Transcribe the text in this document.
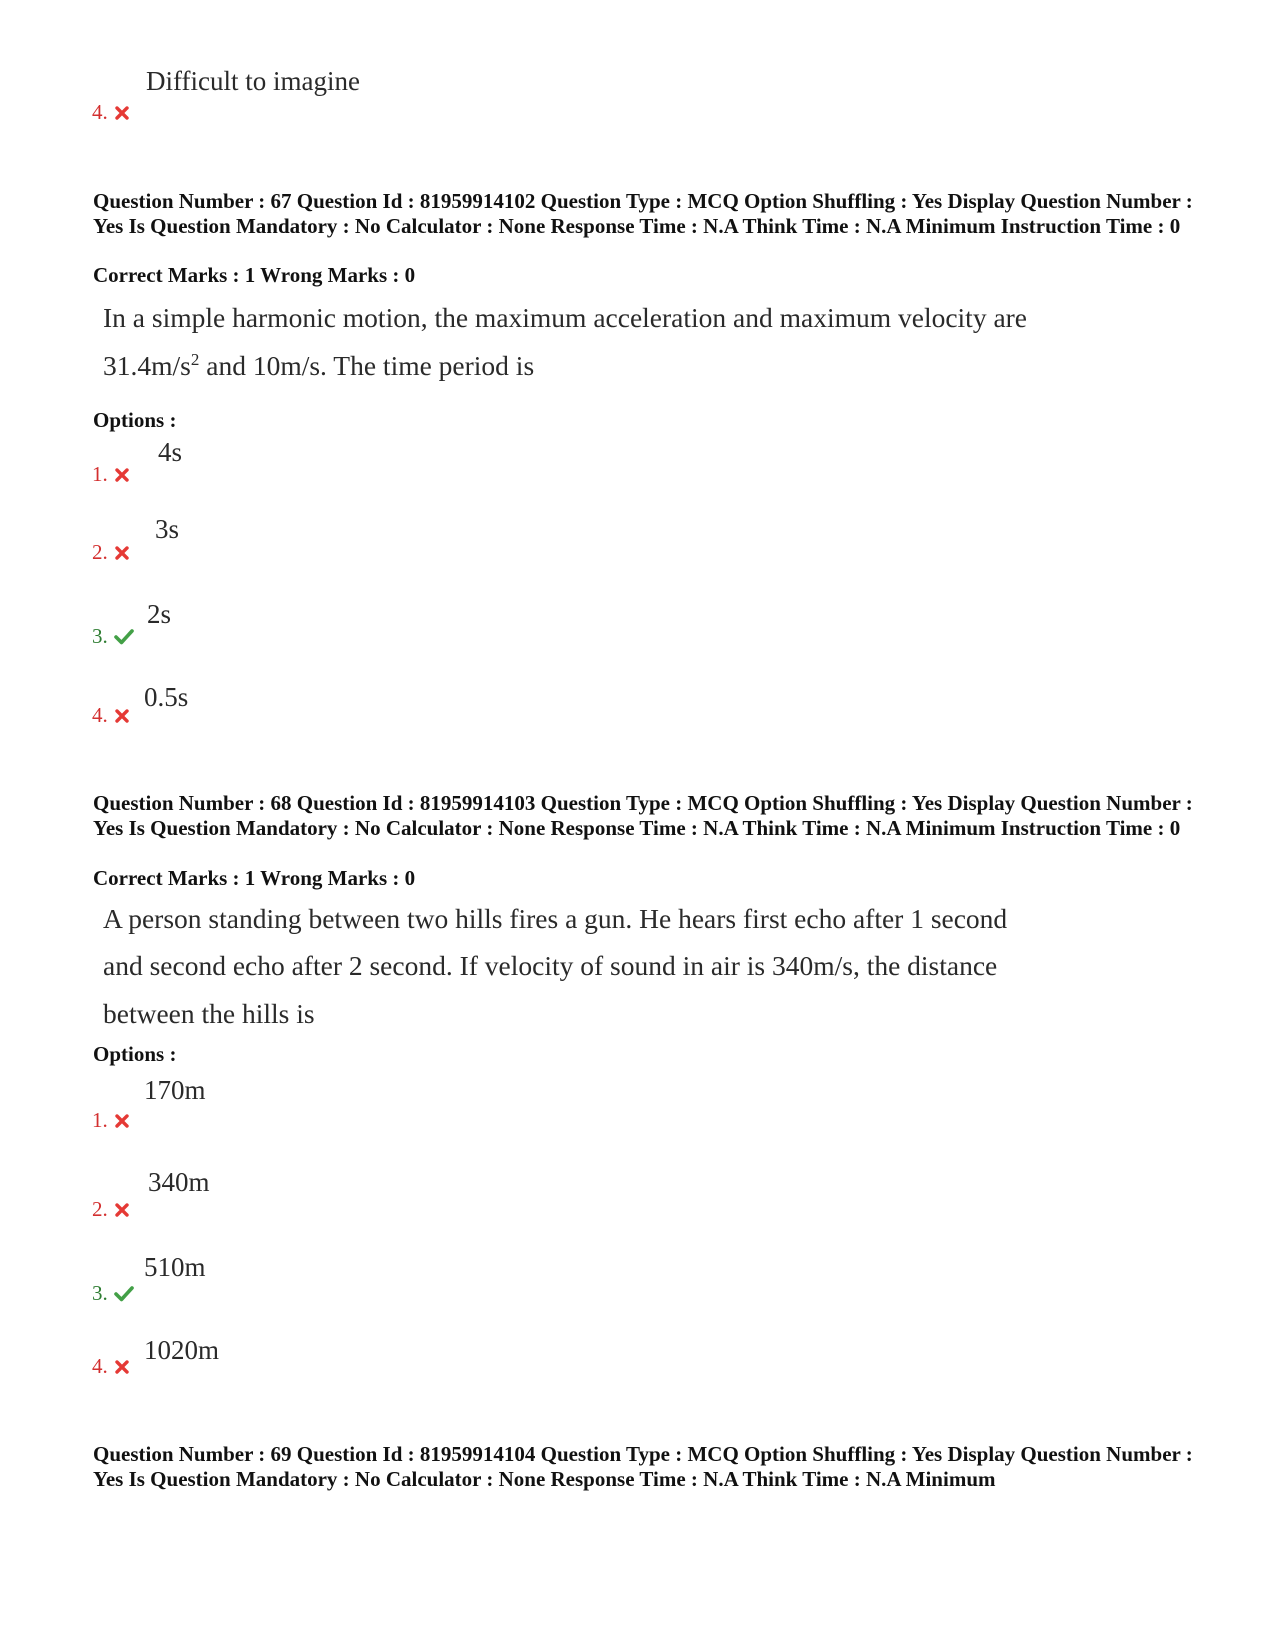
Difficult to imagine
4.
Question Number : 67 Question Id : 81959914102 Question Type : MCQ Option Shuffling : Yes Display Question Number : Yes Is Question Mandatory : No Calculator : None Response Time : N.A Think Time : N.A Minimum Instruction Time : 0
Correct Marks : 1 Wrong Marks : 0
In a simple harmonic motion, the maximum acceleration and maximum velocity are
$31.4m/s^2$ and 10m/s. The time period is
Options :
4s
1.
3s
2.
2s
3.
0.5s
4.
Question Number : 68 Question Id : 81959914103 Question Type : MCQ Option Shuffling : Yes Display Question Number : Yes Is Question Mandatory : No Calculator : None Response Time : N.A Think Time : N.A Minimum Instruction Time : 0
Correct Marks : 1 Wrong Marks : 0
A person standing between two hills fires a gun. He hears first echo after 1 second
and second echo after 2 second. If velocity of sound in air is 340m/s, the distance
between the hills is
Options :
170m
1.
340m
2.
510m
3.
1020m
4.
Question Number : 69 Question Id : 81959914104 Question Type : MCQ Option Shuffling : Yes Display Question Number : Yes Is Question Mandatory : No Calculator : None Response Time : N.A Think Time : N.A Minimum
